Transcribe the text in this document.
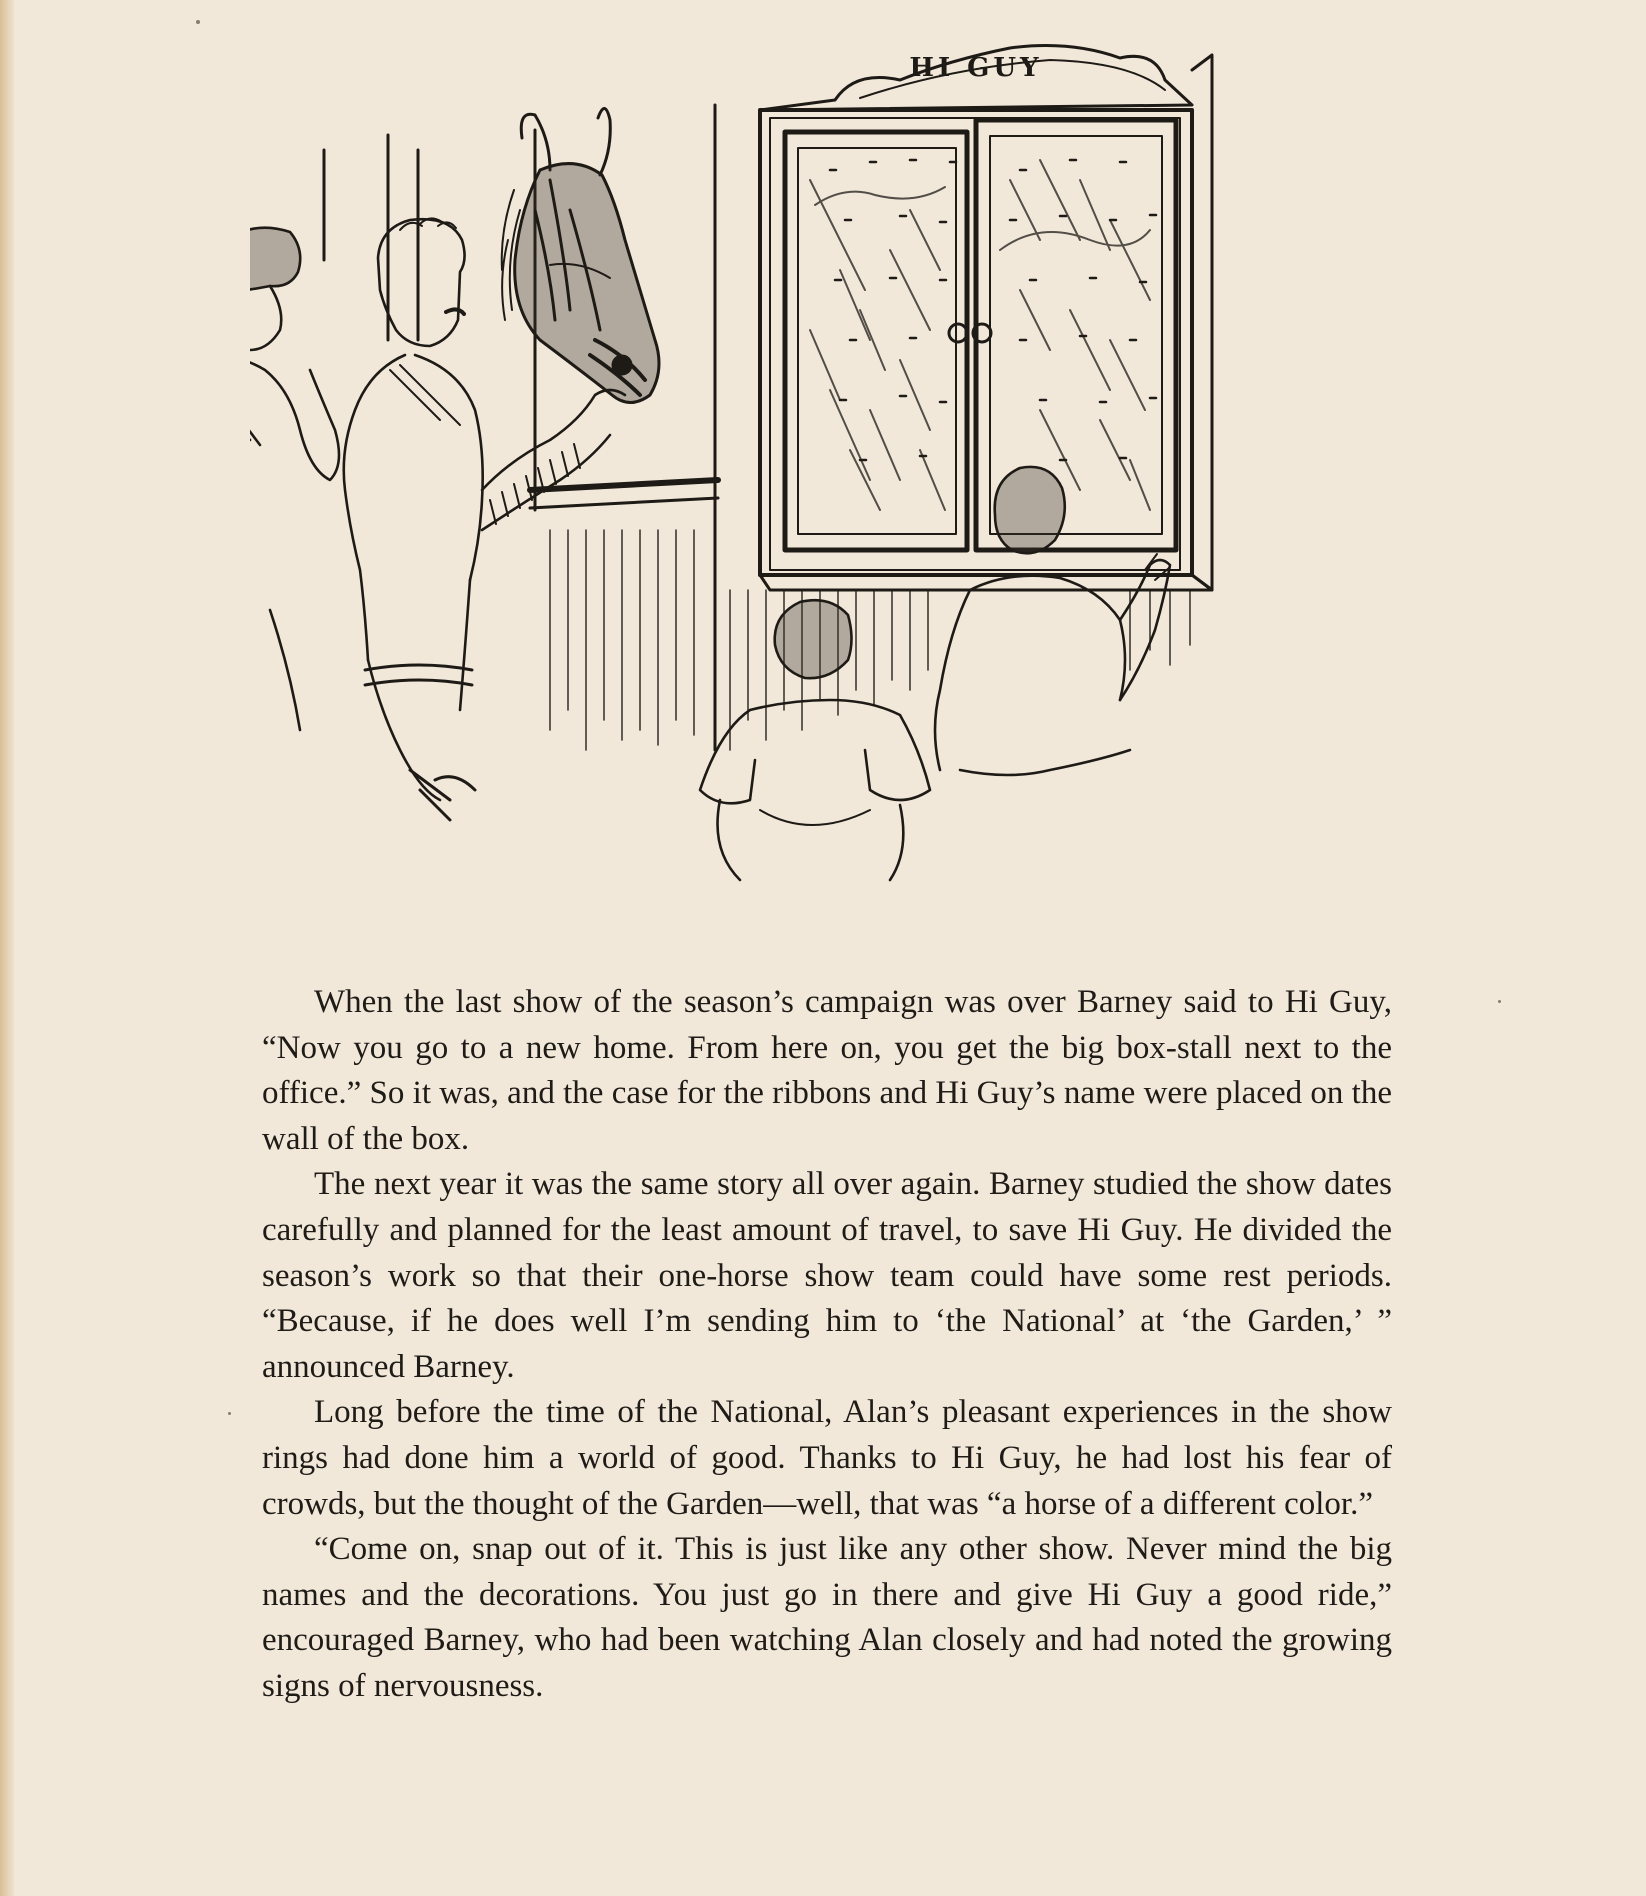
HI GUY

When the last show of the season’s campaign was over Barney said to Hi Guy, “Now you go to a new home. From here on, you get the big box-stall next to the office.” So it was, and the case for the ribbons and Hi Guy’s name were placed on the wall of the box.

The next year it was the same story all over again. Barney studied the show dates carefully and planned for the least amount of travel, to save Hi Guy. He divided the season’s work so that their one-horse show team could have some rest periods. “Because, if he does well I’m sending him to ‘the National’ at ‘the Garden,’ ” announced Barney.

Long before the time of the National, Alan’s pleasant experiences in the show rings had done him a world of good. Thanks to Hi Guy, he had lost his fear of crowds, but the thought of the Garden—well, that was “a horse of a different color.”

“Come on, snap out of it. This is just like any other show. Never mind the big names and the decorations. You just go in there and give Hi Guy a good ride,” encouraged Barney, who had been watching Alan closely and had noted the growing signs of nervousness.
